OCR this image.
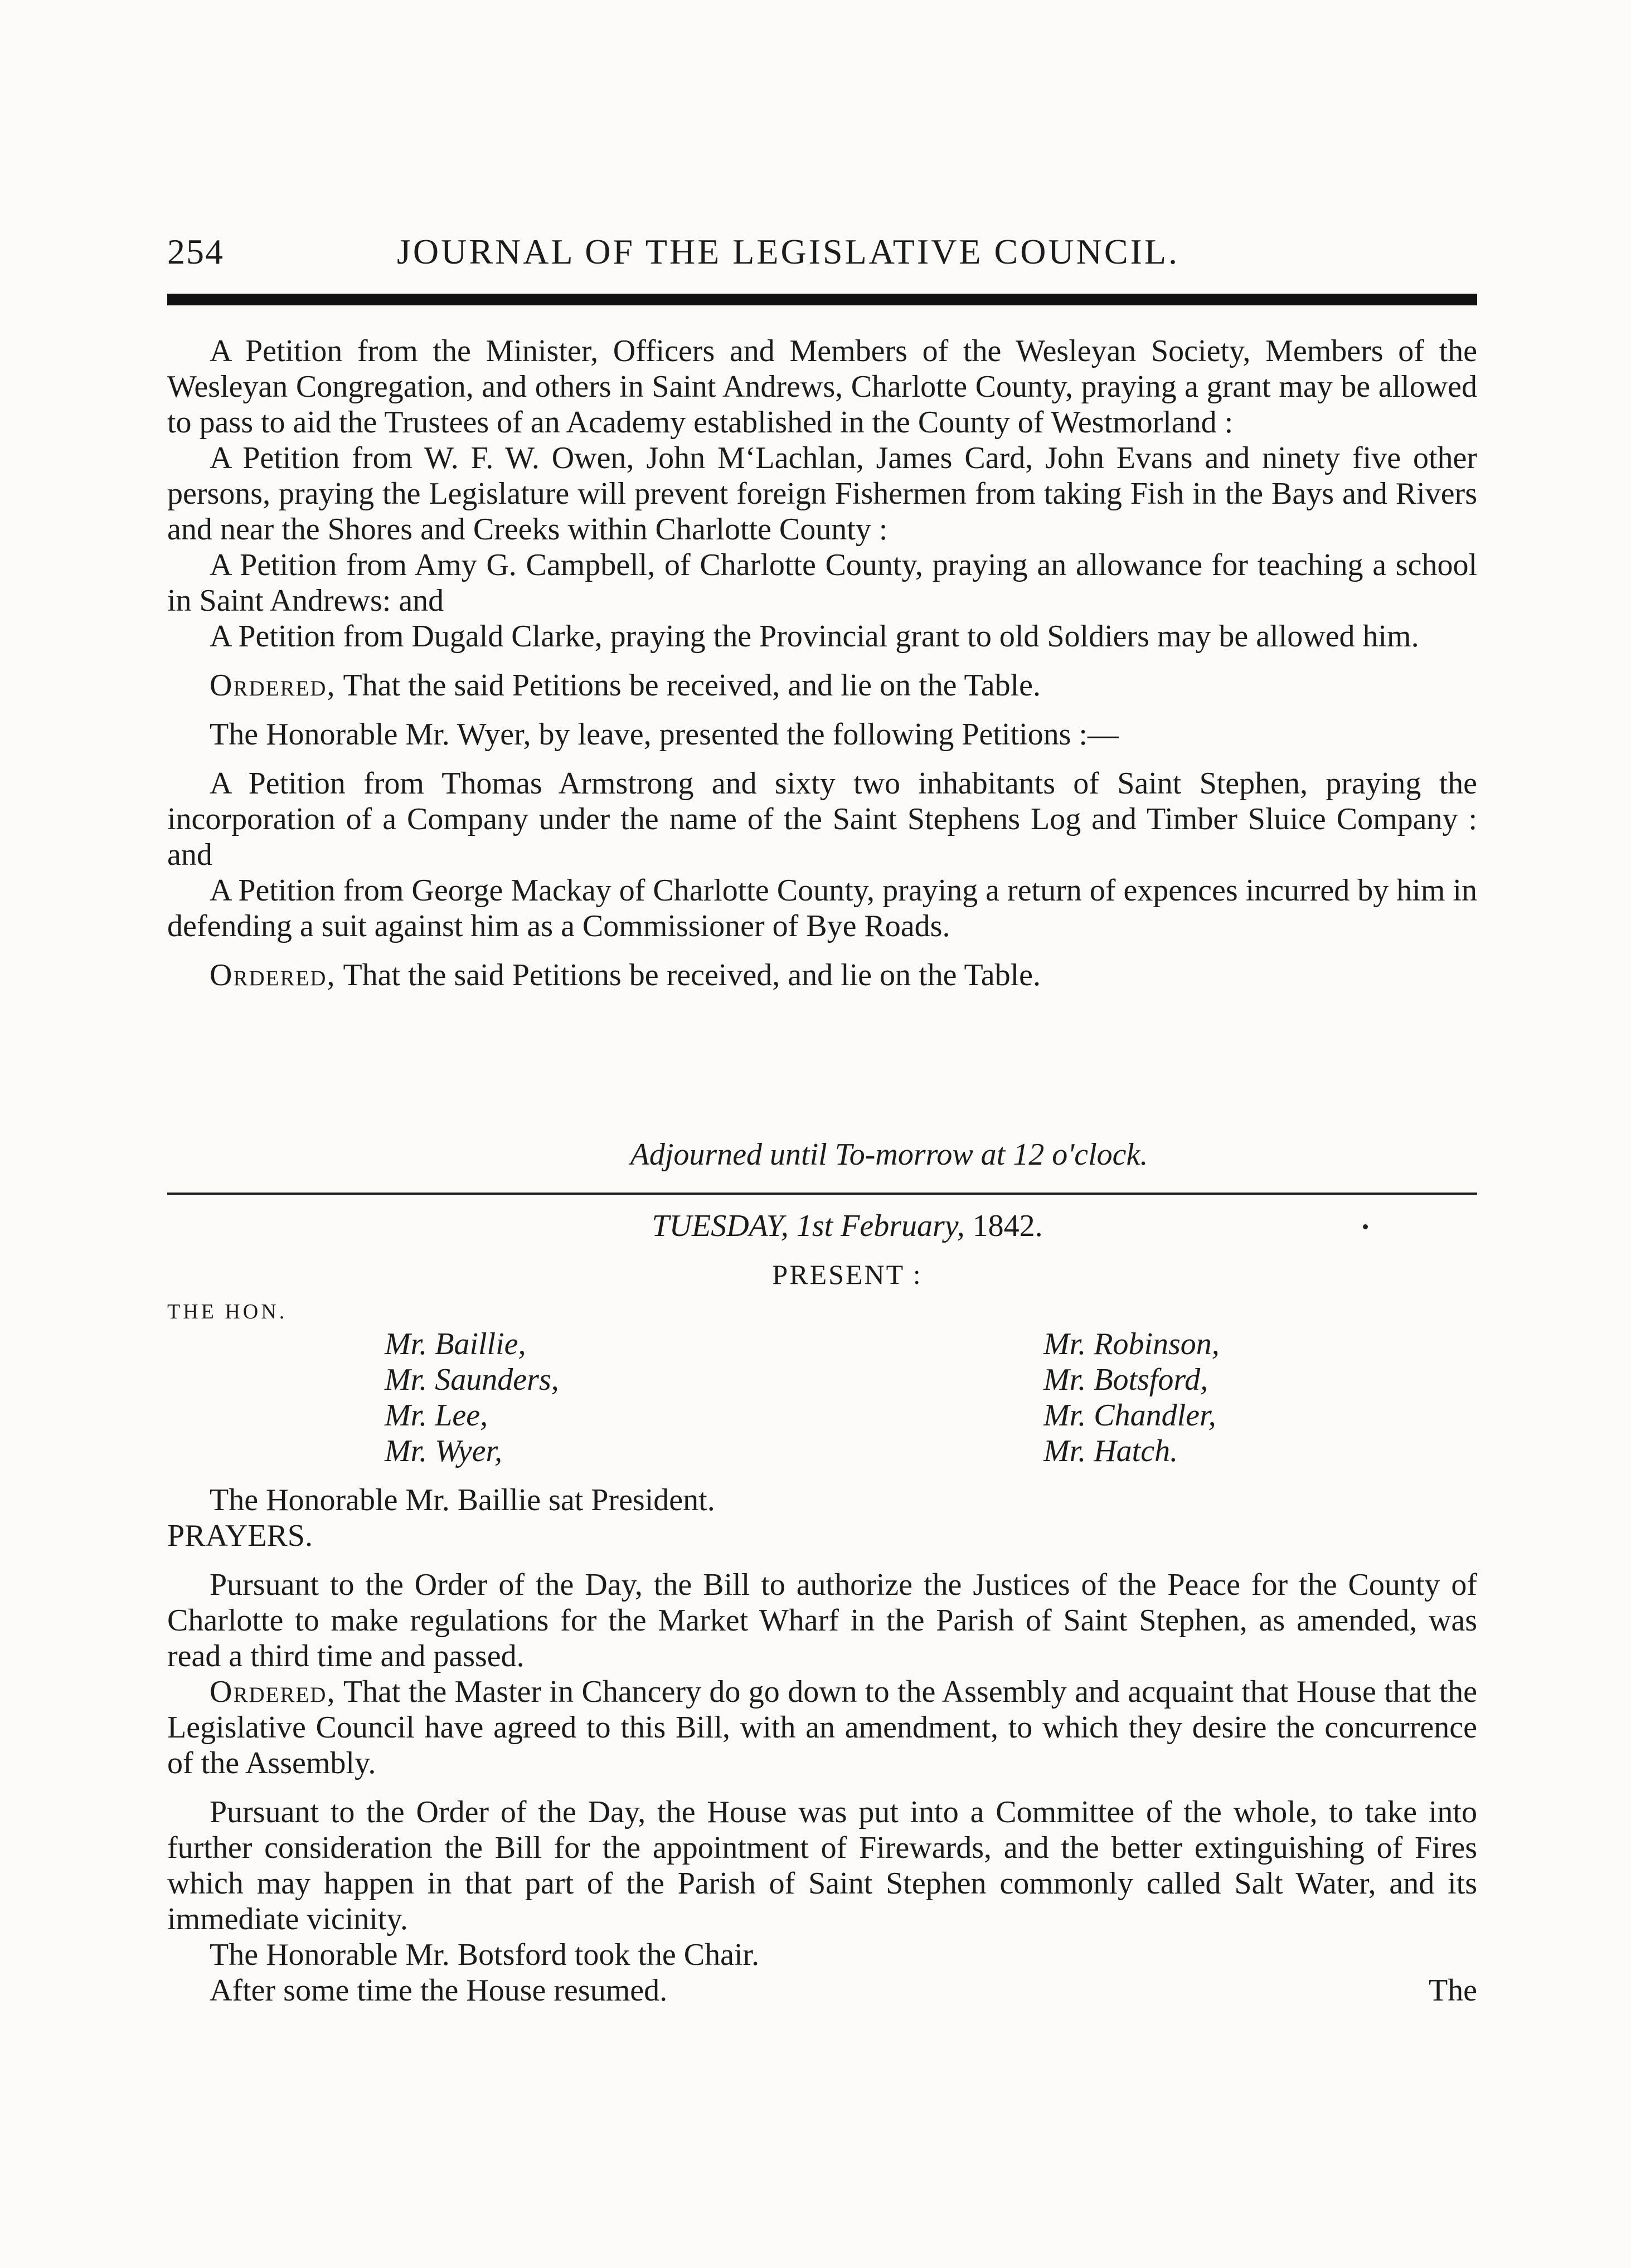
254	JOURNAL OF THE LEGISLATIVE COUNCIL.

A Petition from the Minister, Officers and Members of the Wesleyan Society, Members of the Wesleyan Congregation, and others in Saint Andrews, Charlotte County, praying a grant may be allowed to pass to aid the Trustees of an Academy established in the County of Westmorland :

A Petition from W. F. W. Owen, John M‘Lachlan, James Card, John Evans and ninety five other persons, praying the Legislature will prevent foreign Fishermen from taking Fish in the Bays and Rivers and near the Shores and Creeks within Charlotte County :

A Petition from Amy G. Campbell, of Charlotte County, praying an allowance for teaching a school in Saint Andrews: and

A Petition from Dugald Clarke, praying the Provincial grant to old Soldiers may be allowed him.

Ordered, That the said Petitions be received, and lie on the Table.

The Honorable Mr. Wyer, by leave, presented the following Petitions :—

A Petition from Thomas Armstrong and sixty two inhabitants of Saint Stephen, praying the incorporation of a Company under the name of the Saint Stephens Log and Timber Sluice Company : and

A Petition from George Mackay of Charlotte County, praying a return of expences incurred by him in defending a suit against him as a Commissioner of Bye Roads.

Ordered, That the said Petitions be received, and lie on the Table.

Adjourned until To-morrow at 12 o'clock.
TUESDAY, 1st February, 1842.
PRESENT :
THE HON.
Mr. Baillie,
Mr. Saunders,
Mr. Lee,
Mr. Wyer,
Mr. Robinson,
Mr. Botsford,
Mr. Chandler,
Mr. Hatch.

The Honorable Mr. Baillie sat President.

PRAYERS.

Pursuant to the Order of the Day, the Bill to authorize the Justices of the Peace for the County of Charlotte to make regulations for the Market Wharf in the Parish of Saint Stephen, as amended, was read a third time and passed.

Ordered, That the Master in Chancery do go down to the Assembly and acquaint that House that the Legislative Council have agreed to this Bill, with an amendment, to which they desire the concurrence of the Assembly.

Pursuant to the Order of the Day, the House was put into a Committee of the whole, to take into further consideration the Bill for the appointment of Firewards, and the better extinguishing of Fires which may happen in that part of the Parish of Saint Stephen commonly called Salt Water, and its immediate vicinity.

The Honorable Mr. Botsford took the Chair.

After some time the House resumed.	The
